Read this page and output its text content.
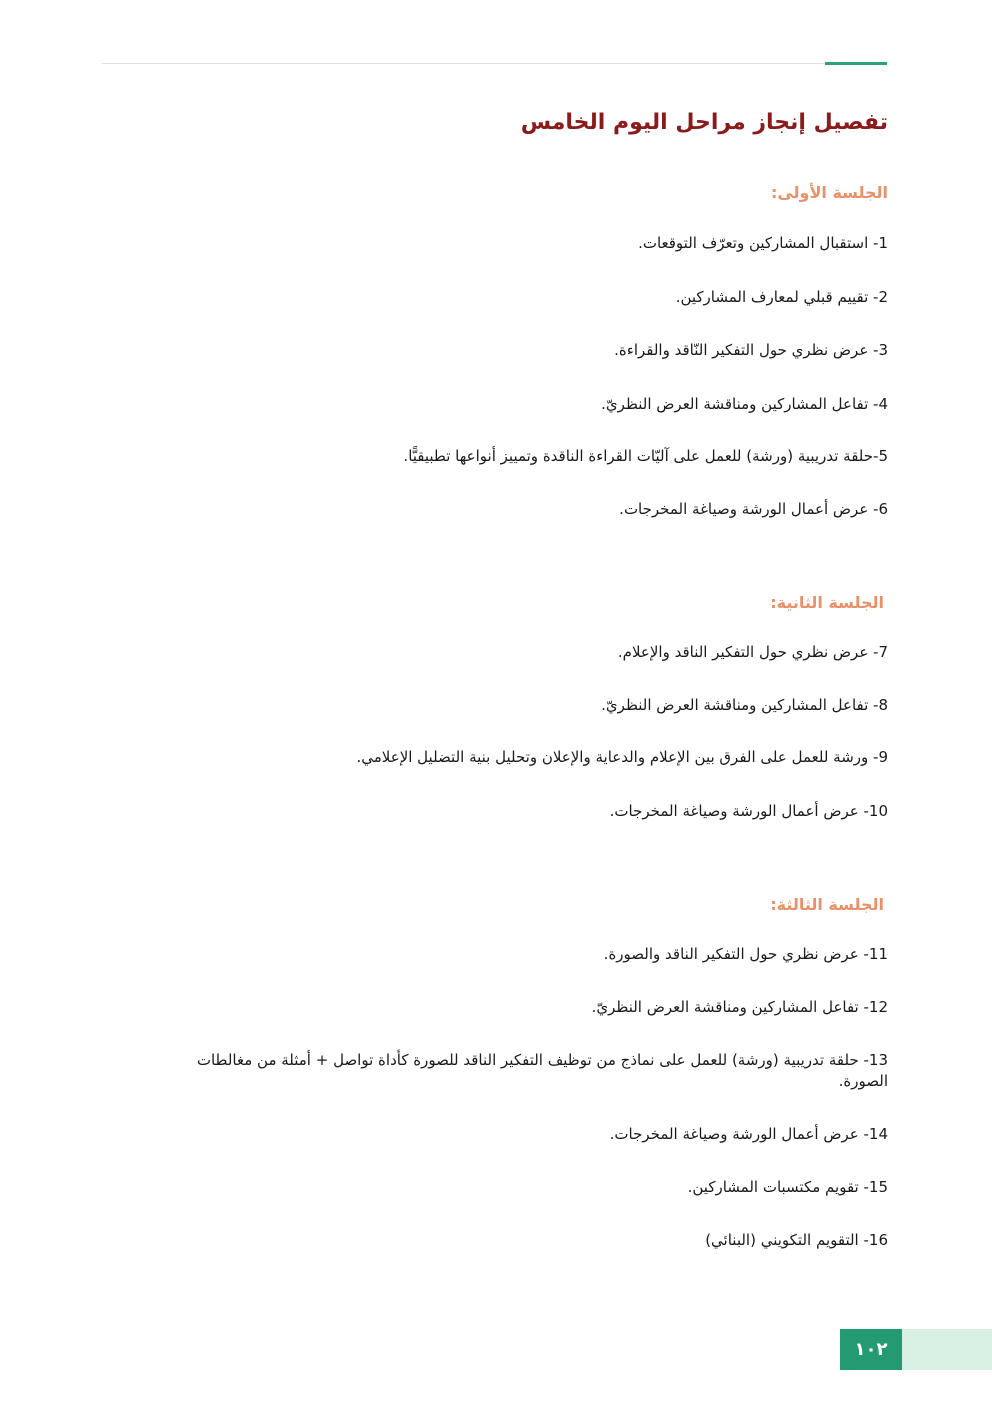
تفصيل إنجاز مراحل اليوم الخامس
الجلسة الأولى:

1- استقبال المشاركين وتعرّف التوقعات.

2- تقييم قبلي لمعارف المشاركين.

3- عرض نظري حول التفكير النّاقد والقراءة.

4- تفاعل المشاركين ومناقشة العرض النظريّ.

5-حلقة تدريبية (ورشة) للعمل على آليّات القراءة الناقدة وتمييز أنواعها تطبيقيًّا.

6- عرض أعمال الورشة وصياغة المخرجات.

الجلسة الثانية:

7- عرض نظري حول التفكير الناقد والإعلام.

8- تفاعل المشاركين ومناقشة العرض النظريّ.

9- ورشة للعمل على الفرق بين الإعلام والدعاية والإعلان وتحليل بنية التضليل الإعلامي.

10- عرض أعمال الورشة وصياغة المخرجات.

الجلسة الثالثة:

11- عرض نظري حول التفكير الناقد والصورة.

12- تفاعل المشاركين ومناقشة العرض النظريّ.

13- حلقة تدريبية (ورشة) للعمل على نماذج من توظيف التفكير الناقد للصورة كأداة تواصل + أمثلة من مغالطات الصورة.

14- عرض أعمال الورشة وصياغة المخرجات.

15- تقويم مكتسبات المشاركين.

16- التقويم التكويني (البنائي)

١٠٢
